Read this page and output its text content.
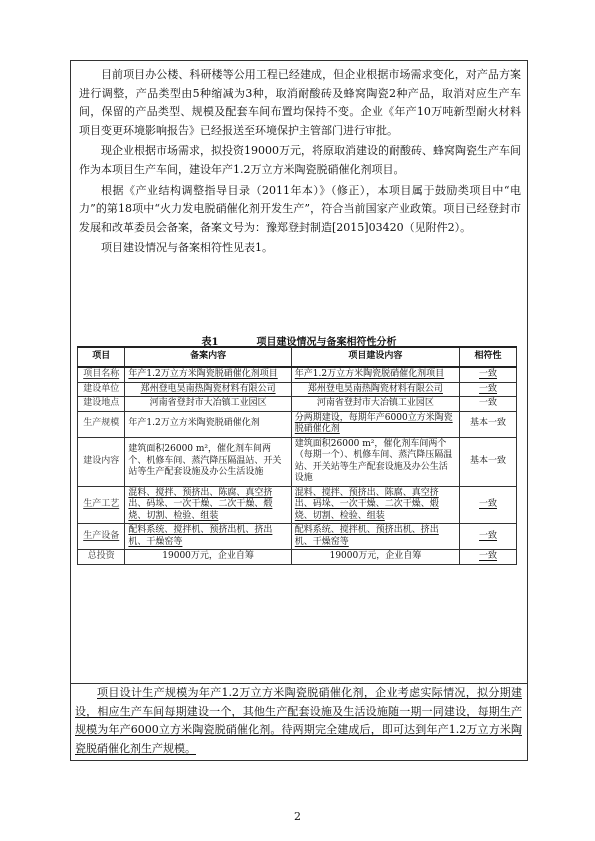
目前项目办公楼、科研楼等公用工程已经建成，但企业根据市场需求变化，对产品方案进行调整，产品类型由5种缩减为3种，取消耐酸砖及蜂窝陶瓷2种产品，取消对应生产车间，保留的产品类型、规模及配套车间布置均保持不变。企业《年产10万吨新型耐火材料项目变更环境影响报告》已经报送至环境保护主管部门进行审批。

现企业根据市场需求，拟投资19000万元，将原取消建设的耐酸砖、蜂窝陶瓷生产车间作为本项目生产车间，建设年产1.2万立方米陶瓷脱硝催化剂项目。

根据《产业结构调整指导目录（2011年本）》（修正），本项目属于鼓励类项目中“电力”的第18项中“火力发电脱硝催化剂开发生产”，符合当前国家产业政策。项目已经登封市发展和改革委员会备案，备案文号为：豫郑登封制造[2015]03420（见附件2）。

项目建设情况与备案相符性见表1。

表1	项目建设情况与备案相符性分析
项目	备案内容	项目建设内容	相符性
项目名称	年产1.2万立方米陶瓷脱硝催化剂项目	年产1.2万立方米陶瓷脱硝催化剂项目	一致
建设单位	郑州登电昊南热陶瓷材料有限公司	郑州登电昊南热陶瓷材料有限公司	一致
建设地点	河南省登封市大冶镇工业园区	河南省登封市大冶镇工业园区	一致
生产规模	年产1.2万立方米陶瓷脱硝催化剂	分两期建设，每期年产6000立方米陶瓷脱硝催化剂	基本一致
建设内容	建筑面积26000 m²，催化剂车间两个、机修车间、蒸汽降压隔温站、开关站等生产配套设施及办公生活设施	建筑面积26000 m²，催化剂车间两个（每期一个）、机修车间、蒸汽降压隔温站、开关站等生产配套设施及办公生活设施	基本一致
生产工艺	混料、搅拌、预挤出、陈腐、真空挤出、码垛、一次干燥、二次干燥、煅烧、切割、检验、组装	混料、搅拌、预挤出、陈腐、真空挤出、码垛、一次干燥、二次干燥、煅烧、切割、检验、组装	一致
生产设备	配料系统、搅拌机、预挤出机、挤出机、干燥窑等	配料系统、搅拌机、预挤出机、挤出机、干燥窑等	一致
总投资	19000万元，企业自筹	19000万元，企业自筹	一致

项目设计生产规模为年产1.2万立方米陶瓷脱硝催化剂，企业考虑实际情况，拟分期建设，相应生产车间每期建设一个，其他生产配套设施及生活设施随一期一同建设，每期生产规模为年产6000立方米陶瓷脱硝催化剂。待两期完全建成后，即可达到年产1.2万立方米陶瓷脱硝催化剂生产规模。

2
